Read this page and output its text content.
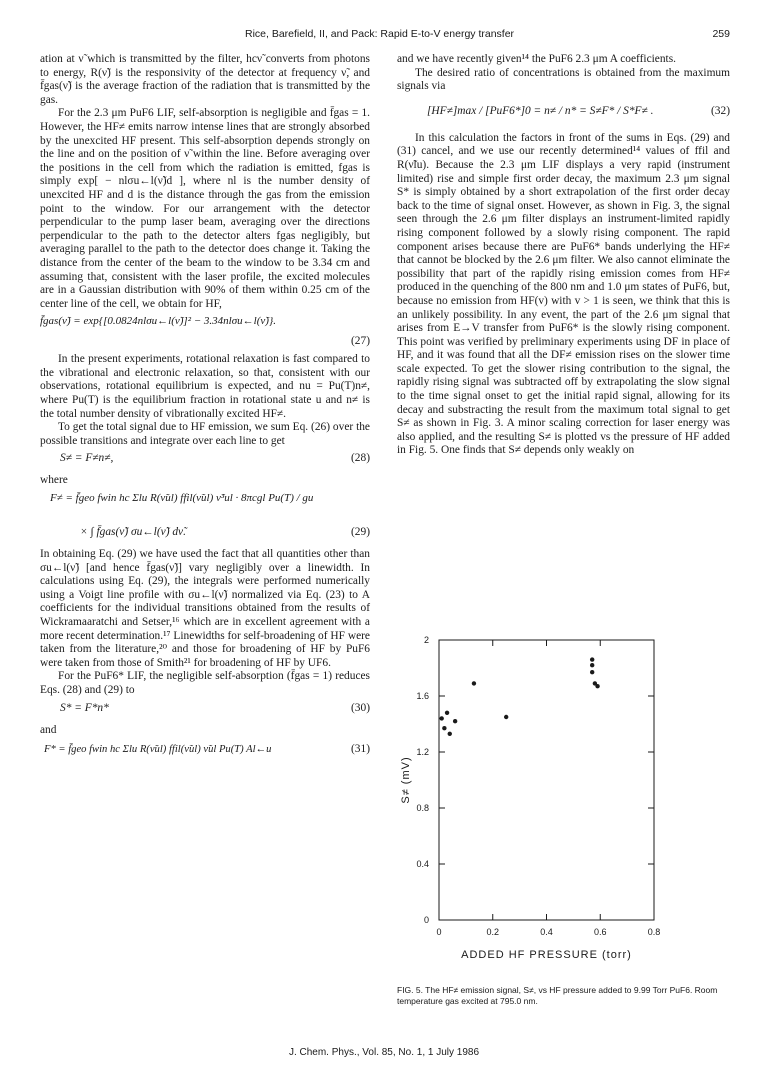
Rice, Barefield, II, and Pack: Rapid E-to-V energy transfer	259

ation at ν̃ which is transmitted by the filter, hcν̃ converts from photons to energy, R(ν̃) is the responsivity of the detector at frequency ν̃, and f̄gas(ν̃) is the average fraction of the radiation that is transmitted by the gas.

For the 2.3 μm PuF6 LIF, self-absorption is negligible and f̄gas = 1. However, the HF≠ emits narrow intense lines that are strongly absorbed by the unexcited HF present. This self-absorption depends strongly on the line and on the position of ν̃ within the line. Before averaging over the positions in the cell from which the radiation is emitted, fgas is simply exp[ − nlσu←l(ν̃)d ], where nl is the number density of unexcited HF and d is the distance through the gas from the emission point to the window. For our arrangement with the detector perpendicular to the pump laser beam, averaging over the directions perpendicular to the path to the detector alters fgas negligibly, but averaging parallel to the path to the detector does change it. Taking the distance from the center of the beam to the window to be 3.34 cm and assuming that, consistent with the laser profile, the excited molecules are in a Gaussian distribution with 90% of them within 0.25 cm of the center line of the cell, we obtain for HF,

f̄gas(ν̃) = exp{[0.0824nlσu←l(ν̃)]² − 3.34nlσu←l(ν̃)}.
(27)

In the present experiments, rotational relaxation is fast compared to the vibrational and electronic relaxation, so that, consistent with our observations, rotational equilibrium is expected, and nu = Pu(T)n≠, where Pu(T) is the equilibrium fraction in rotational state u and n≠ is the total number density of vibrationally excited HF≠.

To get the total signal due to HF emission, we sum Eq. (26) over the possible transitions and integrate over each line to get

S≠ = F≠n≠,	(28)

where

F≠ = f̄geo fwin hc Σlu R(ν̃ul) ffil(ν̃ul) ν̃³ul · 8πcgl Pu(T) / gu
× ∫ f̄gas(ν̃) σu←l(ν̃) dν̃.	(29)

In obtaining Eq. (29) we have used the fact that all quantities other than σu←l(ν̃) [and hence f̄gas(ν̃)] vary negligibly over a linewidth. In calculations using Eq. (29), the integrals were performed numerically using a Voigt line profile with σu←l(ν̃) normalized via Eq. (23) to A coefficients for the individual transitions obtained from the results of Wickramaaratchi and Setser,¹⁶ which are in excellent agreement with a more recent determination.¹⁷ Linewidths for self-broadening of HF were taken from the literature,²⁰ and those for broadening of HF by PuF6 were taken from those of Smith²¹ for broadening of HF by UF6.

For the PuF6* LIF, the negligible self-absorption (f̄gas = 1) reduces Eqs. (28) and (29) to

S* = F*n*	(30)

and

F* = f̄geo fwin hc Σlu R(ν̃ul) ffil(ν̃ul) ν̃ul Pu(T) Al←u	(31)

and we have recently given¹⁴ the PuF6 2.3 μm A coefficients.

The desired ratio of concentrations is obtained from the maximum signals via

[HF≠]max / [PuF6*]0 = n≠ / n* = S≠F* / S*F≠ .	(32)

In this calculation the factors in front of the sums in Eqs. (29) and (31) cancel, and we use our recently determined¹⁴ values of ffil and R(ν̃lu). Because the 2.3 μm LIF displays a very rapid (instrument limited) rise and simple first order decay, the maximum 2.3 μm signal S* is simply obtained by a short extrapolation of the first order decay back to the time of signal onset. However, as shown in Fig. 3, the signal seen through the 2.6 μm filter displays an instrument-limited rapidly rising component followed by a slowly rising component. The rapid component arises because there are PuF6* bands underlying the HF≠ that cannot be blocked by the 2.6 μm filter. We also cannot eliminate the possibility that part of the rapidly rising emission comes from HF≠ produced in the quenching of the 800 nm and 1.0 μm states of PuF6, but, because no emission from HF(v) with v > 1 is seen, we think that this is an unlikely possibility. In any event, the part of the 2.6 μm signal that arises from E→V transfer from PuF6* is the slowly rising component. This point was verified by preliminary experiments using DF in place of HF, and it was found that all the DF≠ emission rises on the slower time scale expected. To get the slower rising contribution to the signal, the rapidly rising signal was subtracted off by extrapolating the slow signal to the time signal onset to get the initial rapid signal, allowing for its decay and substracting the result from the maximum total signal to get S≠ as shown in Fig. 3. A minor scaling correction for laser energy was also applied, and the resulting S≠ is plotted vs the pressure of HF added in Fig. 5. One finds that S≠ depends only weakly on

0	0.2	0.4	0.6	0.8
0
0.4
0.8
1.2
1.6
2
ADDED HF PRESSURE (torr)
S≠ (mV)
FIG. 5. The HF≠ emission signal, S≠, vs HF pressure added to 9.99 Torr PuF6. Room temperature gas excited at 795.0 nm.
J. Chem. Phys., Vol. 85, No. 1, 1 July 1986
